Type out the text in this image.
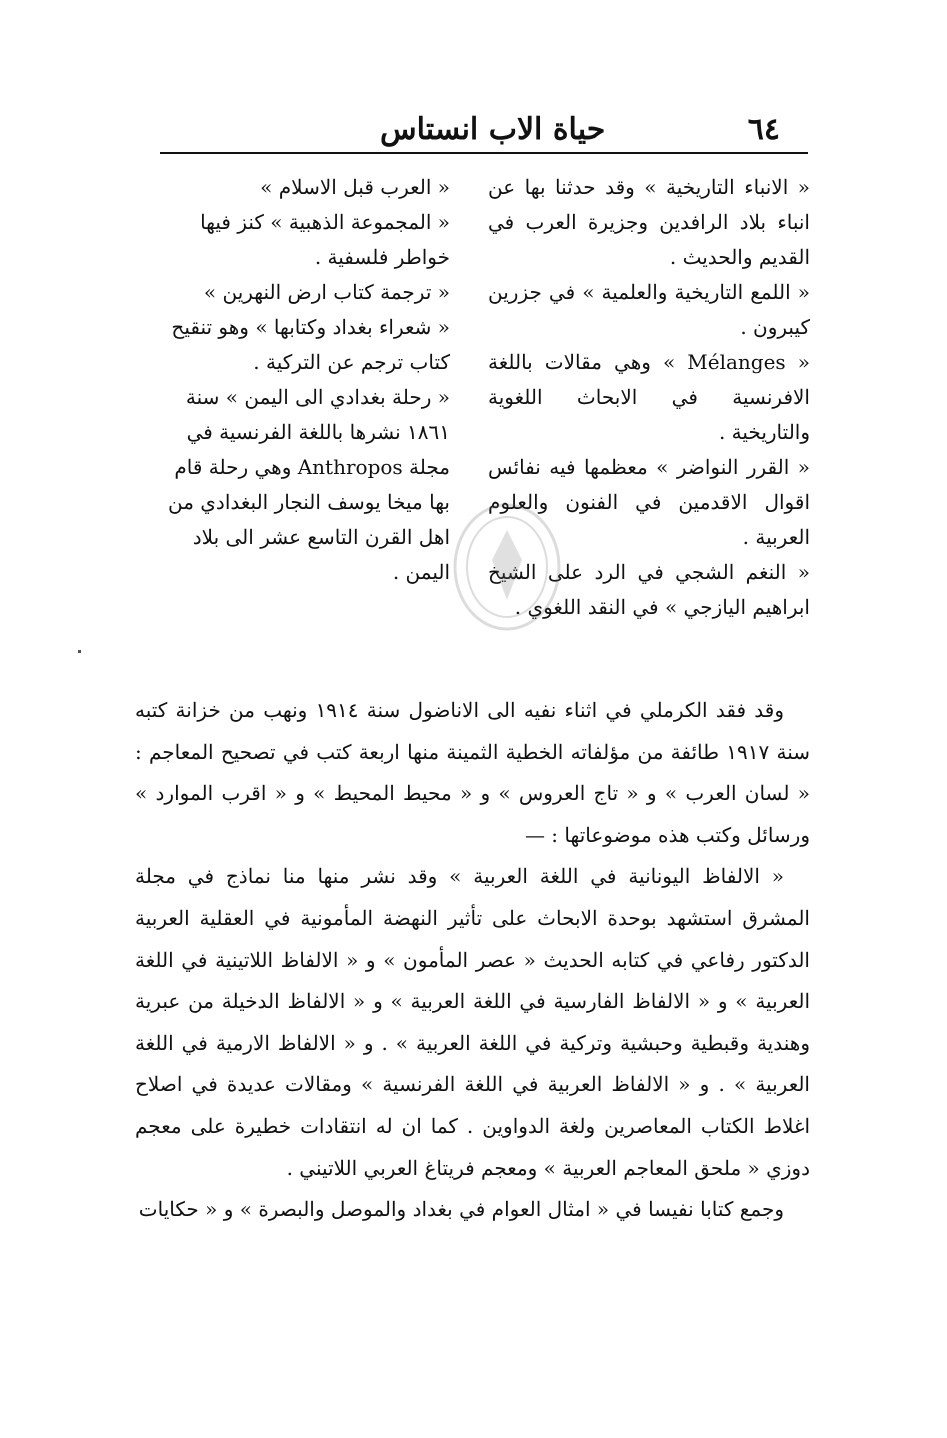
حياة الاب انستاس	٦٤

« الانباء التاريخية » وقد حدثنا بها عن انباء بلاد الرافدين وجزيرة العرب في القديم والحديث .

« اللمع التاريخية والعلمية » في جزرين كيبرون .

« Mélanges » وهي مقالات باللغة الافرنسية في الابحاث اللغوية والتاريخية .

« القرر النواضر » معظمها فيه نفائس اقوال الاقدمين في الفنون والعلوم العربية .

« النغم الشجي في الرد على الشيخ ابراهيم اليازجي » في النقد اللغوي .

« العرب قبل الاسلام »

« المجموعة الذهبية » كنز فيها خواطر فلسفية .

« ترجمة كتاب ارض النهرين »

« شعراء بغداد وكتابها » وهو تنقيح كتاب ترجم عن التركية .

« رحلة بغدادي الى اليمن » سنة ١٨٦١ نشرها باللغة الفرنسية في مجلة Anthropos وهي رحلة قام بها ميخا يوسف النجار البغدادي من اهل القرن التاسع عشر الى بلاد اليمن .

وقد فقد الكرملي في اثناء نفيه الى الاناضول سنة ١٩١٤ ونهب من خزانة كتبه سنة ١٩١٧ طائفة من مؤلفاته الخطية الثمينة منها اربعة كتب في تصحيح المعاجم : « لسان العرب » و « تاج العروس » و « محيط المحيط » و « اقرب الموارد » ورسائل وكتب هذه موضوعاتها : —

« الالفاظ اليونانية في اللغة العربية » وقد نشر منها منا نماذج في مجلة المشرق استشهد بوحدة الابحاث على تأثير النهضة المأمونية في العقلية العربية الدكتور رفاعي في كتابه الحديث « عصر المأمون » و « الالفاظ اللاتينية في اللغة العربية » و « الالفاظ الفارسية في اللغة العربية » و « الالفاظ الدخيلة من عبرية وهندية وقبطية وحبشية وتركية في اللغة العربية » . و « الالفاظ الارمية في اللغة العربية » . و « الالفاظ العربية في اللغة الفرنسية » ومقالات عديدة في اصلاح اغلاط الكتاب المعاصرين ولغة الدواوين . كما ان له انتقادات خطيرة على معجم دوزي « ملحق المعاجم العربية » ومعجم فريتاغ العربي اللاتيني .

وجمع كتابا نفيسا في « امثال العوام في بغداد والموصل والبصرة » و « حكايات
